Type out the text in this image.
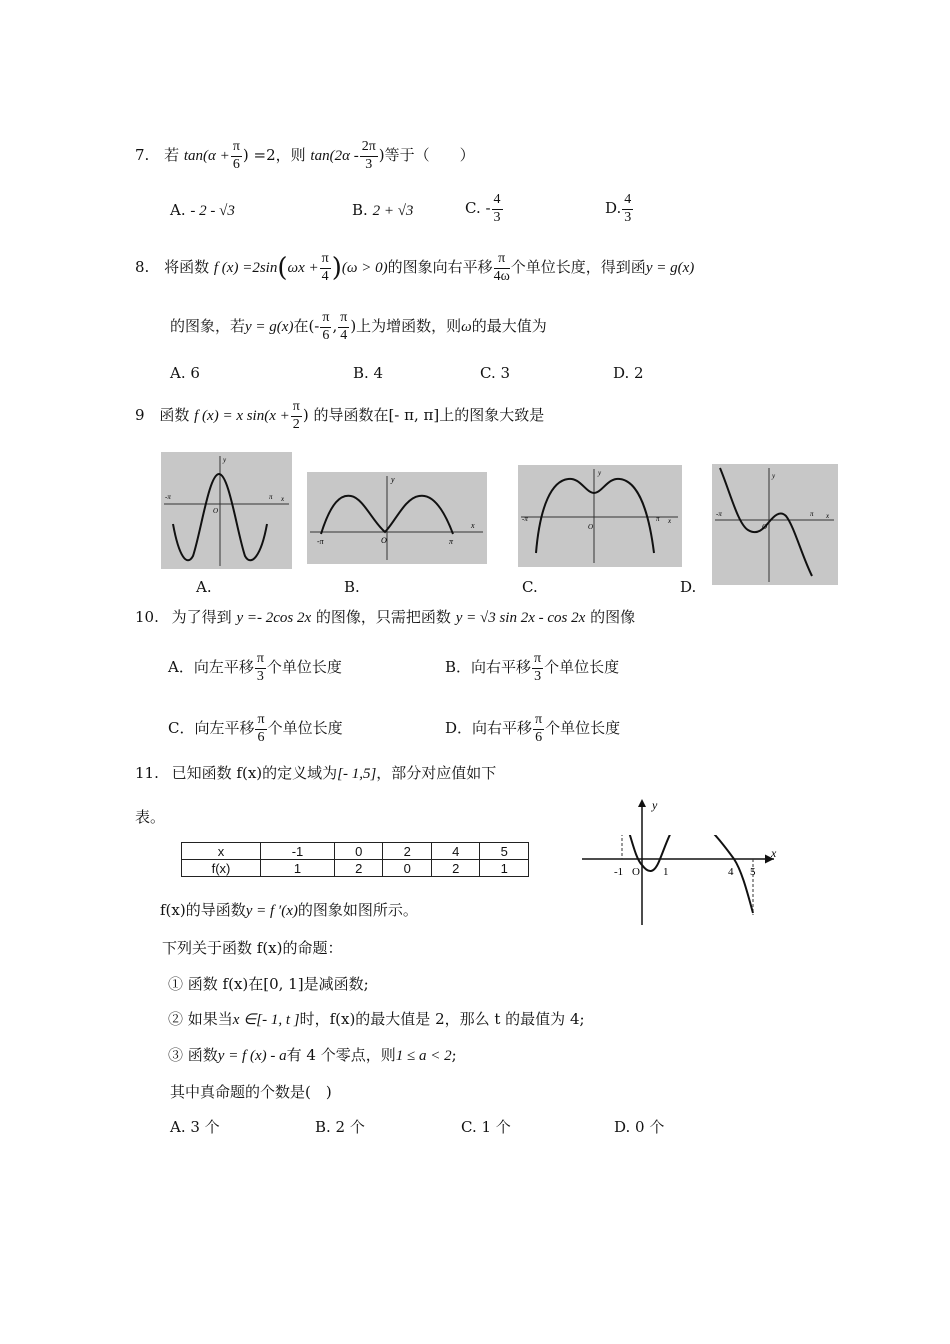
7. 若 $\tan(\alpha + \frac{\pi}{6}$ ) =2，则 $\tan(2\alpha - \frac{2\pi}{3}$ )等于（　　）
A. - 2 - √3	B. 2 + √3	C. - $\frac{4}{3}$	D. $\frac{4}{3}$
8. 将函数 f $(x) =2\sin(\omega x + \frac{\pi}{4} )(\omega > 0)$的图象向右平移 $\frac{\pi}{4\omega}$ 个单位长度，得到函y = g(x)
的图象，若y = g(x)在(- $\frac{\pi}{6}$ , $\frac{\pi}{4}$ )上为增函数，则ω的最大值为
A. 6	B. 4	C. 3	D. 2
9 函数 f (x) = x $\sin(x + \frac{\pi}{2}$ ) 的导函数在[- π, π]上的图象大致是
y
-π	π x
O
A.
y
-π	π
x
O
B.
y
-π	π x
O
C.
y
-π	π x
O
D.
10. 为了得到 y =- 2cos 2x 的图像，只需把函数 y = √3 sin 2x - cos 2x 的图像
A．向左平移 $\frac{\pi}{3}$ 个单位长度	B．向右平移 $\frac{\pi}{3}$ 个单位长度
C．向左平移 $\frac{\pi}{6}$ 个单位长度	D．向右平移 $\frac{\pi}{6}$ 个单位长度
11. 已知函数 f(x)的定义域为[- 1,5]，部分对应值如下
表。
x	-1	0	2	4	5
f(x)	1	2	0	2	1	-1 O 1	4 5
x
y
f(x)的导函数y = f ′(x)的图象如图所示。
下列关于函数 f(x)的命题：
① 函数 f(x)在[0, 1]是减函数;
② 如果当x ∈[- 1, t ]时，f(x)的最大值是 2，那么 t 的最值为 4;
③ 函数y = f (x) - a有 4 个零点，则1 ≤ a < 2;
其中真命题的个数是(　)
A. 3 个	B. 2 个	C. 1 个	D. 0 个
